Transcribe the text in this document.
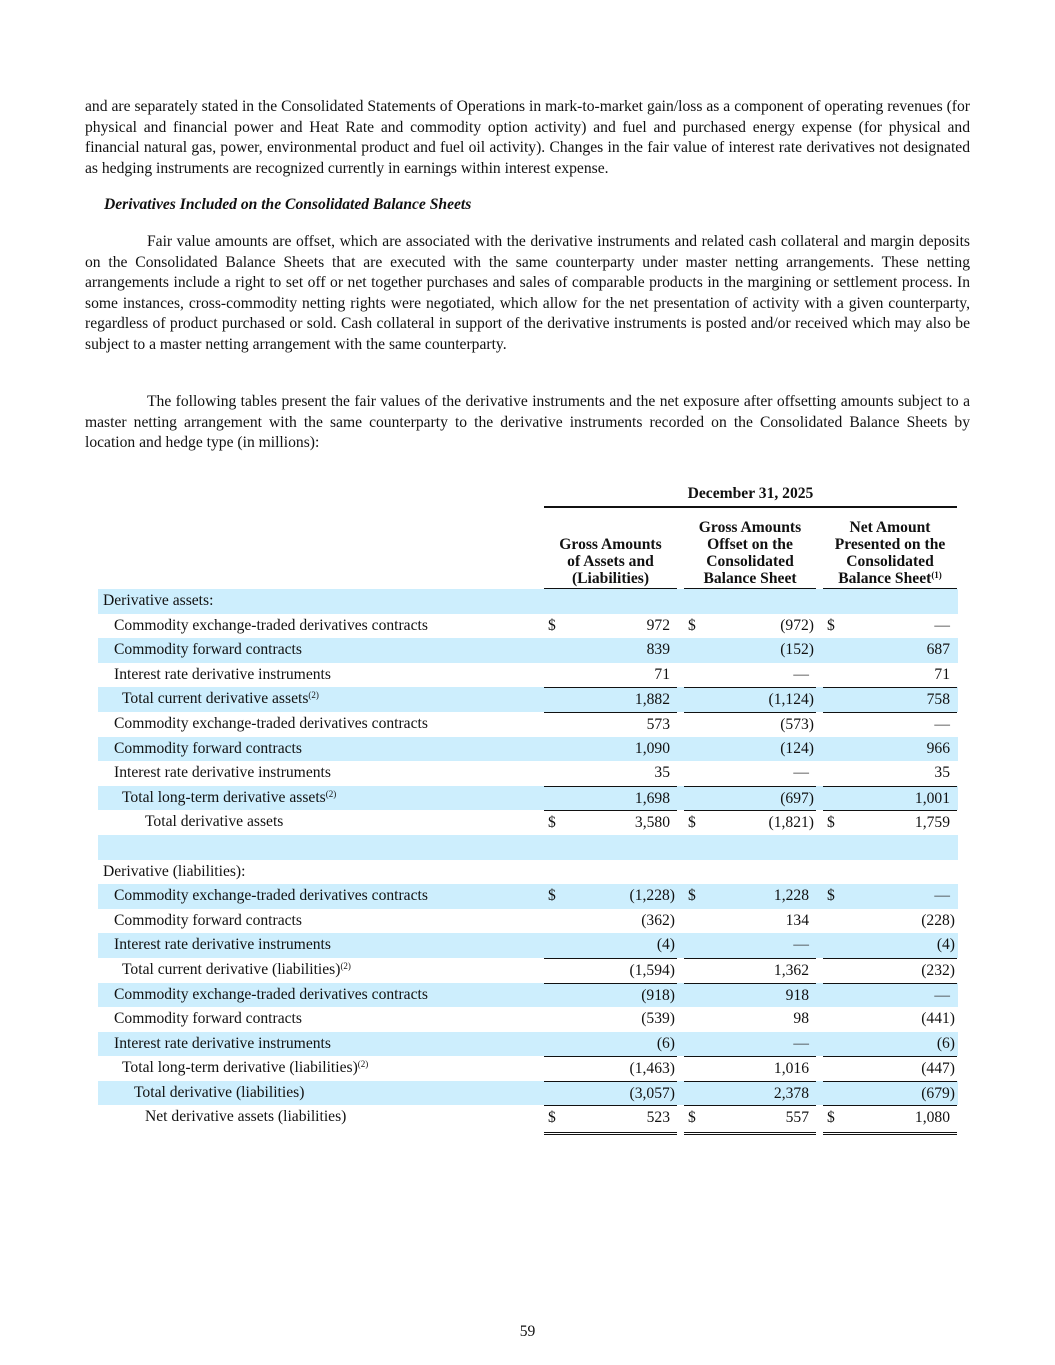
and are separately stated in the Consolidated Statements of Operations in mark-to-market gain/loss as a component of operating revenues (for physical and financial power and Heat Rate and commodity option activity) and fuel and purchased energy expense (for physical and financial natural gas, power, environmental product and fuel oil activity). Changes in the fair value of interest rate derivatives not designated as hedging instruments are recognized currently in earnings within interest expense.

Derivatives Included on the Consolidated Balance Sheets

Fair value amounts are offset, which are associated with the derivative instruments and related cash collateral and margin deposits on the Consolidated Balance Sheets that are executed with the same counterparty under master netting arrangements. These netting arrangements include a right to set off or net together purchases and sales of comparable products in the margining or settlement process. In some instances, cross-commodity netting rights were negotiated, which allow for the net presentation of activity with a given counterparty, regardless of product purchased or sold. Cash collateral in support of the derivative instruments is posted and/or received which may also be subject to a master netting arrangement with the same counterparty.

The following tables present the fair values of the derivative instruments and the net exposure after offsetting amounts subject to a master netting arrangement with the same counterparty to the derivative instruments recorded on the Consolidated Balance Sheets by location and hedge type (in millions):

December 31, 2025
Gross Amounts
of Assets and
(Liabilities)
Gross Amounts
Offset on the
Consolidated
Balance Sheet
Net Amount
Presented on the
Consolidated
Balance Sheet$^{(1)}$
Derivative assets:
Commodity exchange-traded derivatives contracts	$	972 $	(972) $	—
Commodity forward contracts	839	(152)	687
Interest rate derivative instruments	71	—	71
Total current derivative assets$^{(2)}$	1,882	(1,124)	758
Commodity exchange-traded derivatives contracts	573	(573)	—
Commodity forward contracts	1,090	(124)	966
Interest rate derivative instruments	35	—	35
Total long-term derivative assets$^{(2)}$	1,698	(697)	1,001
Total derivative assets	$	3,580 $	(1,821) $	1,759
Derivative (liabilities):
Commodity exchange-traded derivatives contracts	$	(1,228) $	1,228 $	—
Commodity forward contracts	(362)	134	(228)
Interest rate derivative instruments	(4)	—	(4)
Total current derivative (liabilities)$^{(2)}$	(1,594)	1,362	(232)
Commodity exchange-traded derivatives contracts	(918)	918	—
Commodity forward contracts	(539)	98	(441)
Interest rate derivative instruments	(6)	—	(6)
Total long-term derivative (liabilities)$^{(2)}$	(1,463)	1,016	(447)
Total derivative (liabilities)	(3,057)	2,378	(679)
Net derivative assets (liabilities)	$	523 $	557 $	1,080
59
